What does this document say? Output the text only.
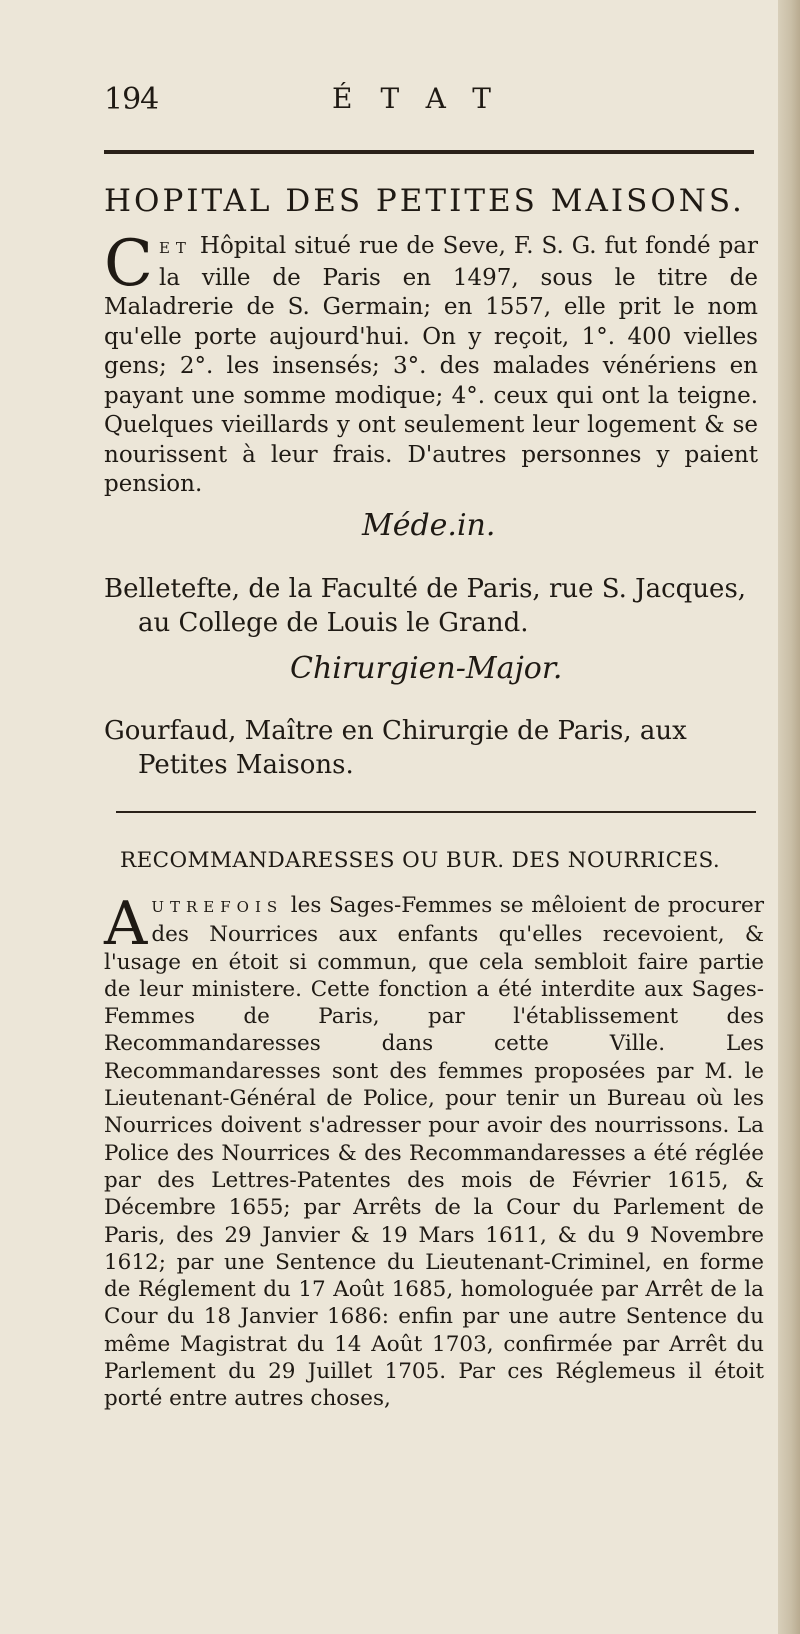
194	ÉTAT
HOPITAL DES PETITES MAISONS.
CET Hôpital situé rue de Seve, F. S. G. fut fondé par la ville de Paris en 1497, sous le titre de Maladrerie de S. Germain; en 1557, elle prit le nom qu'elle porte aujourd'hui. On y reçoit, 1°. 400 vielles gens; 2°. les insensés; 3°. des malades vénériens en payant une somme modique; 4°. ceux qui ont la teigne. Quelques vieillards y ont seulement leur logement & se nourissent à leur frais. D'autres personnes y paient pension.
Méde.in.
Belletefte, de la Faculté de Paris, rue S. Jacques,
au College de Louis le Grand.
Chirurgien-Major.
Gourfaud, Maître en Chirurgie de Paris, aux
Petites Maisons.
RECOMMANDARESSES OU BUR. DES NOURRICES.
AUTREFOIS les Sages-Femmes se mêloient de procurer des Nourrices aux enfants qu'elles recevoient, & l'usage en étoit si commun, que cela sembloit faire partie de leur ministere. Cette fonction a été interdite aux Sages-Femmes de Paris, par l'établissement des Recommandaresses dans cette Ville. Les Recommandaresses sont des femmes proposées par M. le Lieutenant-Général de Police, pour tenir un Bureau où les Nourrices doivent s'adresser pour avoir des nourrissons. La Police des Nourrices & des Recommandaresses a été réglée par des Lettres-Patentes des mois de Février 1615, & Décembre 1655; par Arrêts de la Cour du Parlement de Paris, des 29 Janvier & 19 Mars 1611, & du 9 Novembre 1612; par une Sentence du Lieutenant-Criminel, en forme de Réglement du 17 Août 1685, homologuée par Arrêt de la Cour du 18 Janvier 1686: enfin par une autre Sentence du même Magistrat du 14 Août 1703, confirmée par Arrêt du Parlement du 29 Juillet 1705. Par ces Réglemeus il étoit porté entre autres choses,
